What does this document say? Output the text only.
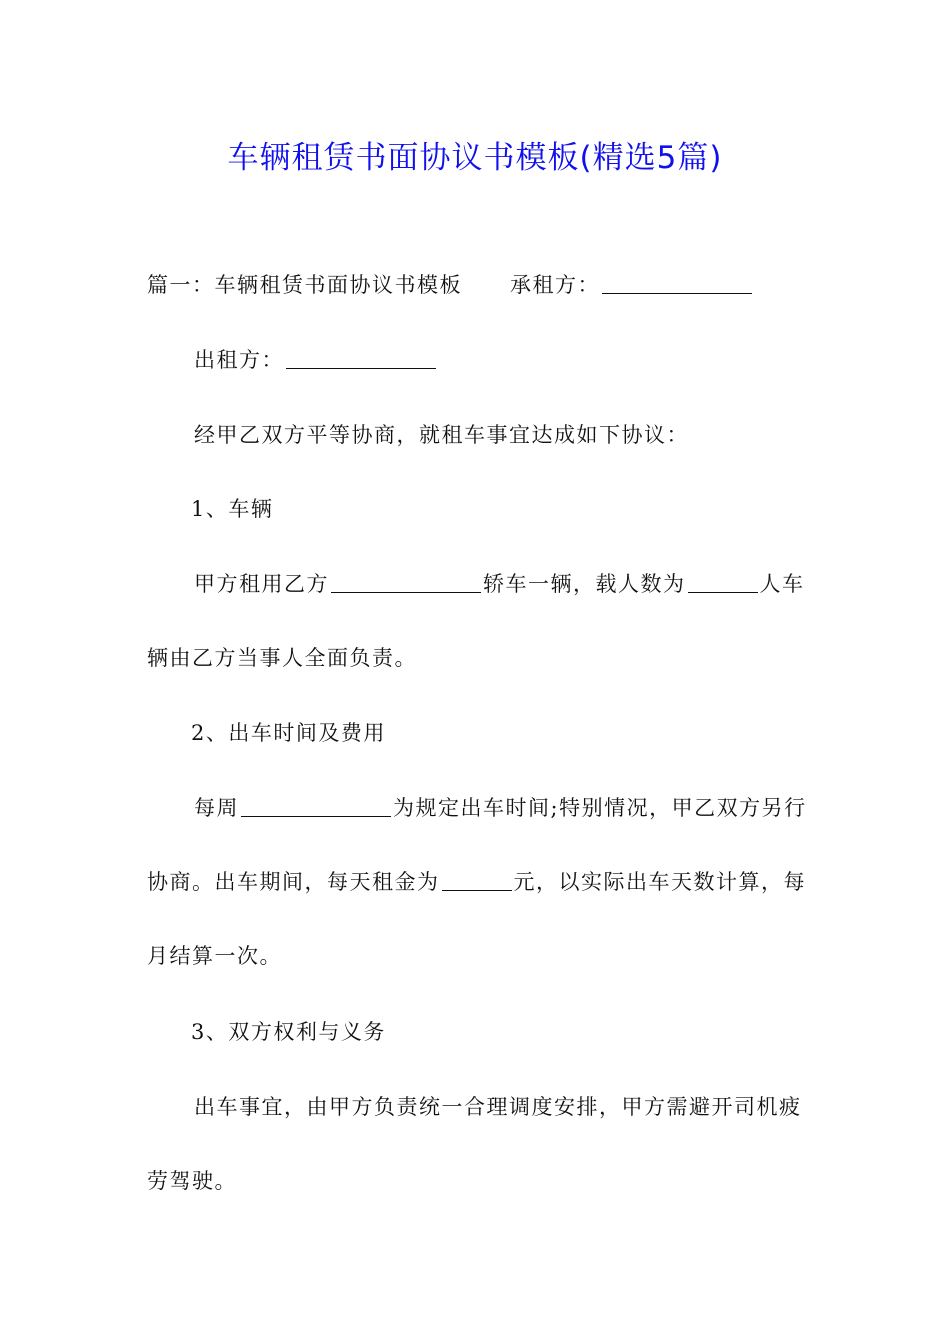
车辆租赁书面协议书模板(精选5篇)

篇一：车辆租赁书面协议书模板 承租方：

出租方：

经甲乙双方平等协商，就租车事宜达成如下协议：

1、车辆

甲方租用乙方	轿车一辆，载人数为	人车辆由乙方当事人全面负责。

2、出车时间及费用

每周	为规定出车时间;特别情况，甲乙双方另行协商。出车期间，每天租金为	元，以实际出车天数计算，每月结算一次。

3、双方权利与义务

出车事宜，由甲方负责统一合理调度安排，甲方需避开司机疲劳驾驶。
